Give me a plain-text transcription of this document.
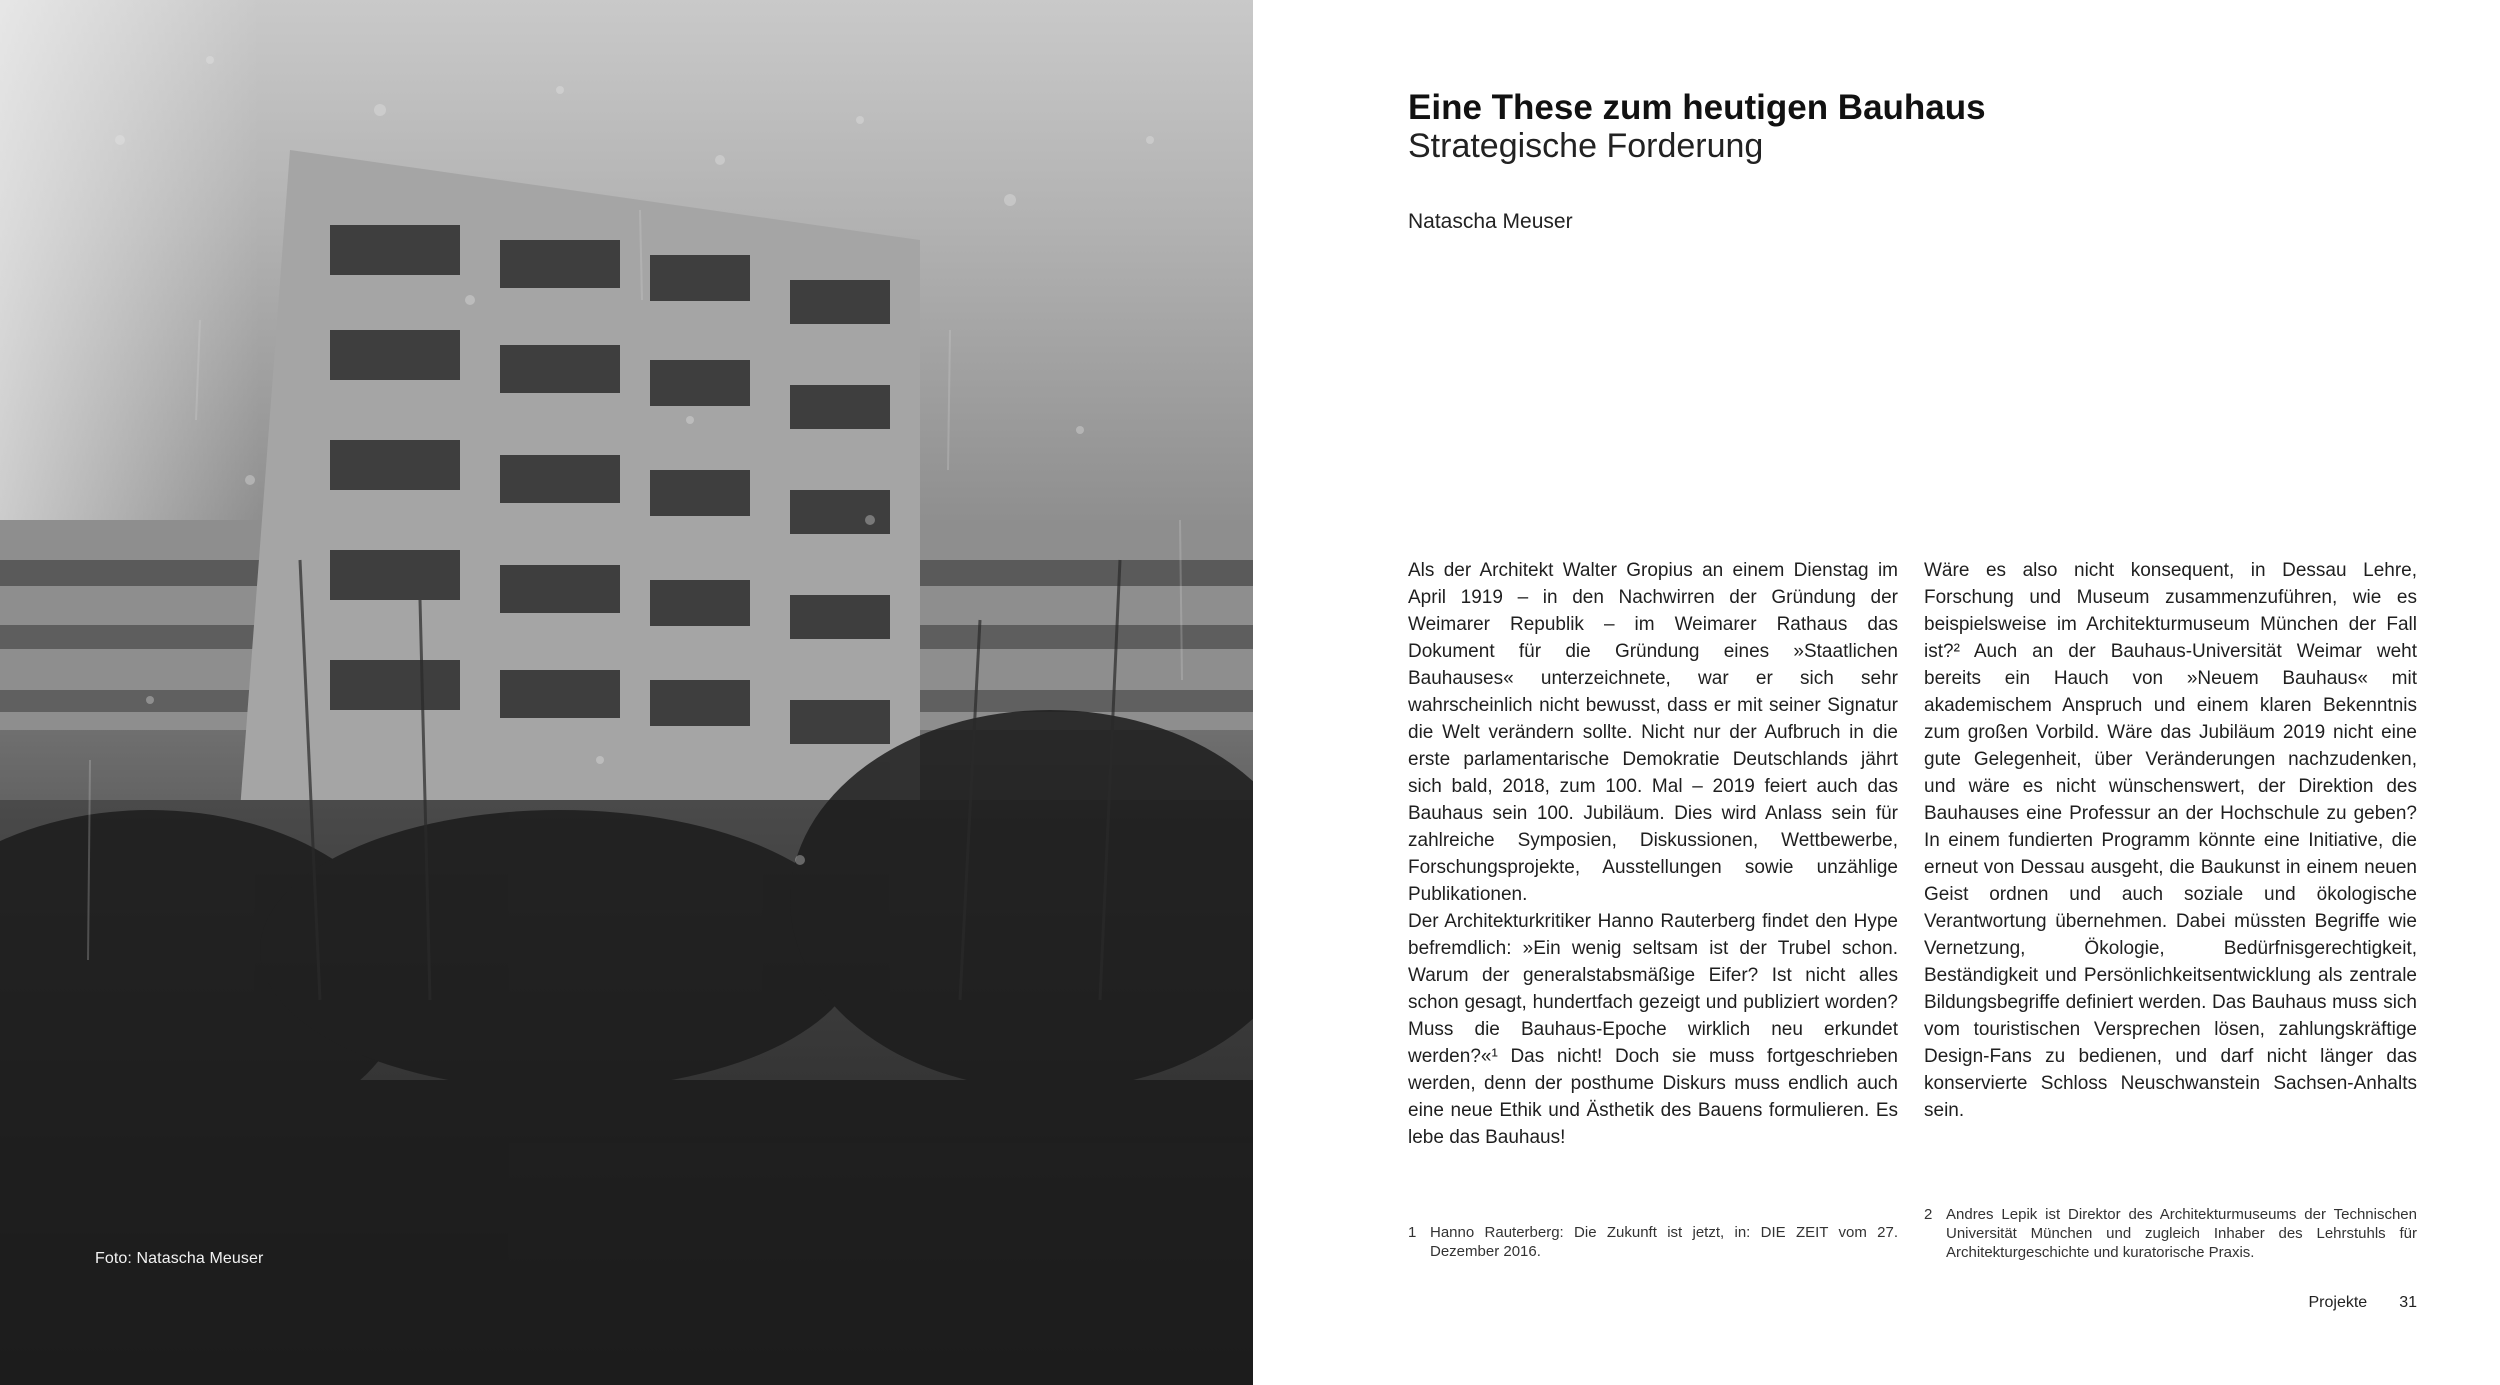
Foto: Natascha Meuser
Eine These zum heutigen Bauhaus
Strategische Forderung
Natascha Meuser

Als der Architekt Walter Gropius an einem Dienstag im April 1919 – in den Nachwirren der Gründung der Weimarer Republik – im Weimarer Rathaus das Dokument für die Gründung eines »Staatlichen Bauhauses« unterzeichnete, war er sich sehr wahrscheinlich nicht bewusst, dass er mit seiner Signatur die Welt verändern sollte. Nicht nur der Aufbruch in die erste parlamentarische Demokratie Deutschlands jährt sich bald, 2018, zum 100. Mal – 2019 feiert auch das Bauhaus sein 100. Jubiläum. Dies wird Anlass sein für zahlreiche Symposien, Diskussionen, Wettbewerbe, Forschungsprojekte, Ausstellungen sowie unzählige Publikationen.

Der Architekturkritiker Hanno Rauterberg findet den Hype befremdlich: »Ein wenig seltsam ist der Trubel schon. Warum der generalstabsmäßige Eifer? Ist nicht alles schon gesagt, hundertfach gezeigt und publiziert worden? Muss die Bauhaus-Epoche wirklich neu erkundet werden?«¹ Das nicht! Doch sie muss fortgeschrieben werden, denn der posthume Diskurs muss endlich auch eine neue Ethik und Ästhetik des Bauens formulieren. Es lebe das Bauhaus!

Wäre es also nicht konsequent, in Dessau Lehre, Forschung und Museum zusammenzuführen, wie es beispielsweise im Architekturmuseum München der Fall ist?² Auch an der Bauhaus-Universität Weimar weht bereits ein Hauch von »Neuem Bauhaus« mit akademischem Anspruch und einem klaren Bekenntnis zum großen Vorbild. Wäre das Jubiläum 2019 nicht eine gute Gelegenheit, über Veränderungen nachzudenken, und wäre es nicht wünschenswert, der Direktion des Bauhauses eine Professur an der Hochschule zu geben? In einem fundierten Programm könnte eine Initiative, die erneut von Dessau ausgeht, die Baukunst in einem neuen Geist ordnen und auch soziale und ökologische Verantwortung übernehmen. Dabei müssten Begriffe wie Vernetzung, Ökologie, Bedürfnisgerechtigkeit, Beständigkeit und Persönlichkeitsentwicklung als zentrale Bildungsbegriffe definiert werden. Das Bauhaus muss sich vom touristischen Versprechen lösen, zahlungskräftige Design-Fans zu bedienen, und darf nicht länger das konservierte Schloss Neuschwanstein Sachsen-Anhalts sein.

1 Hanno Rauterberg: Die Zukunft ist jetzt, in: DIE ZEIT vom 27. Dezember 2016.
2 Andres Lepik ist Direktor des Architekturmuseums der Technischen Universität München und zugleich Inhaber des Lehrstuhls für Architekturgeschichte und kuratorische Praxis.
Projekte 31
